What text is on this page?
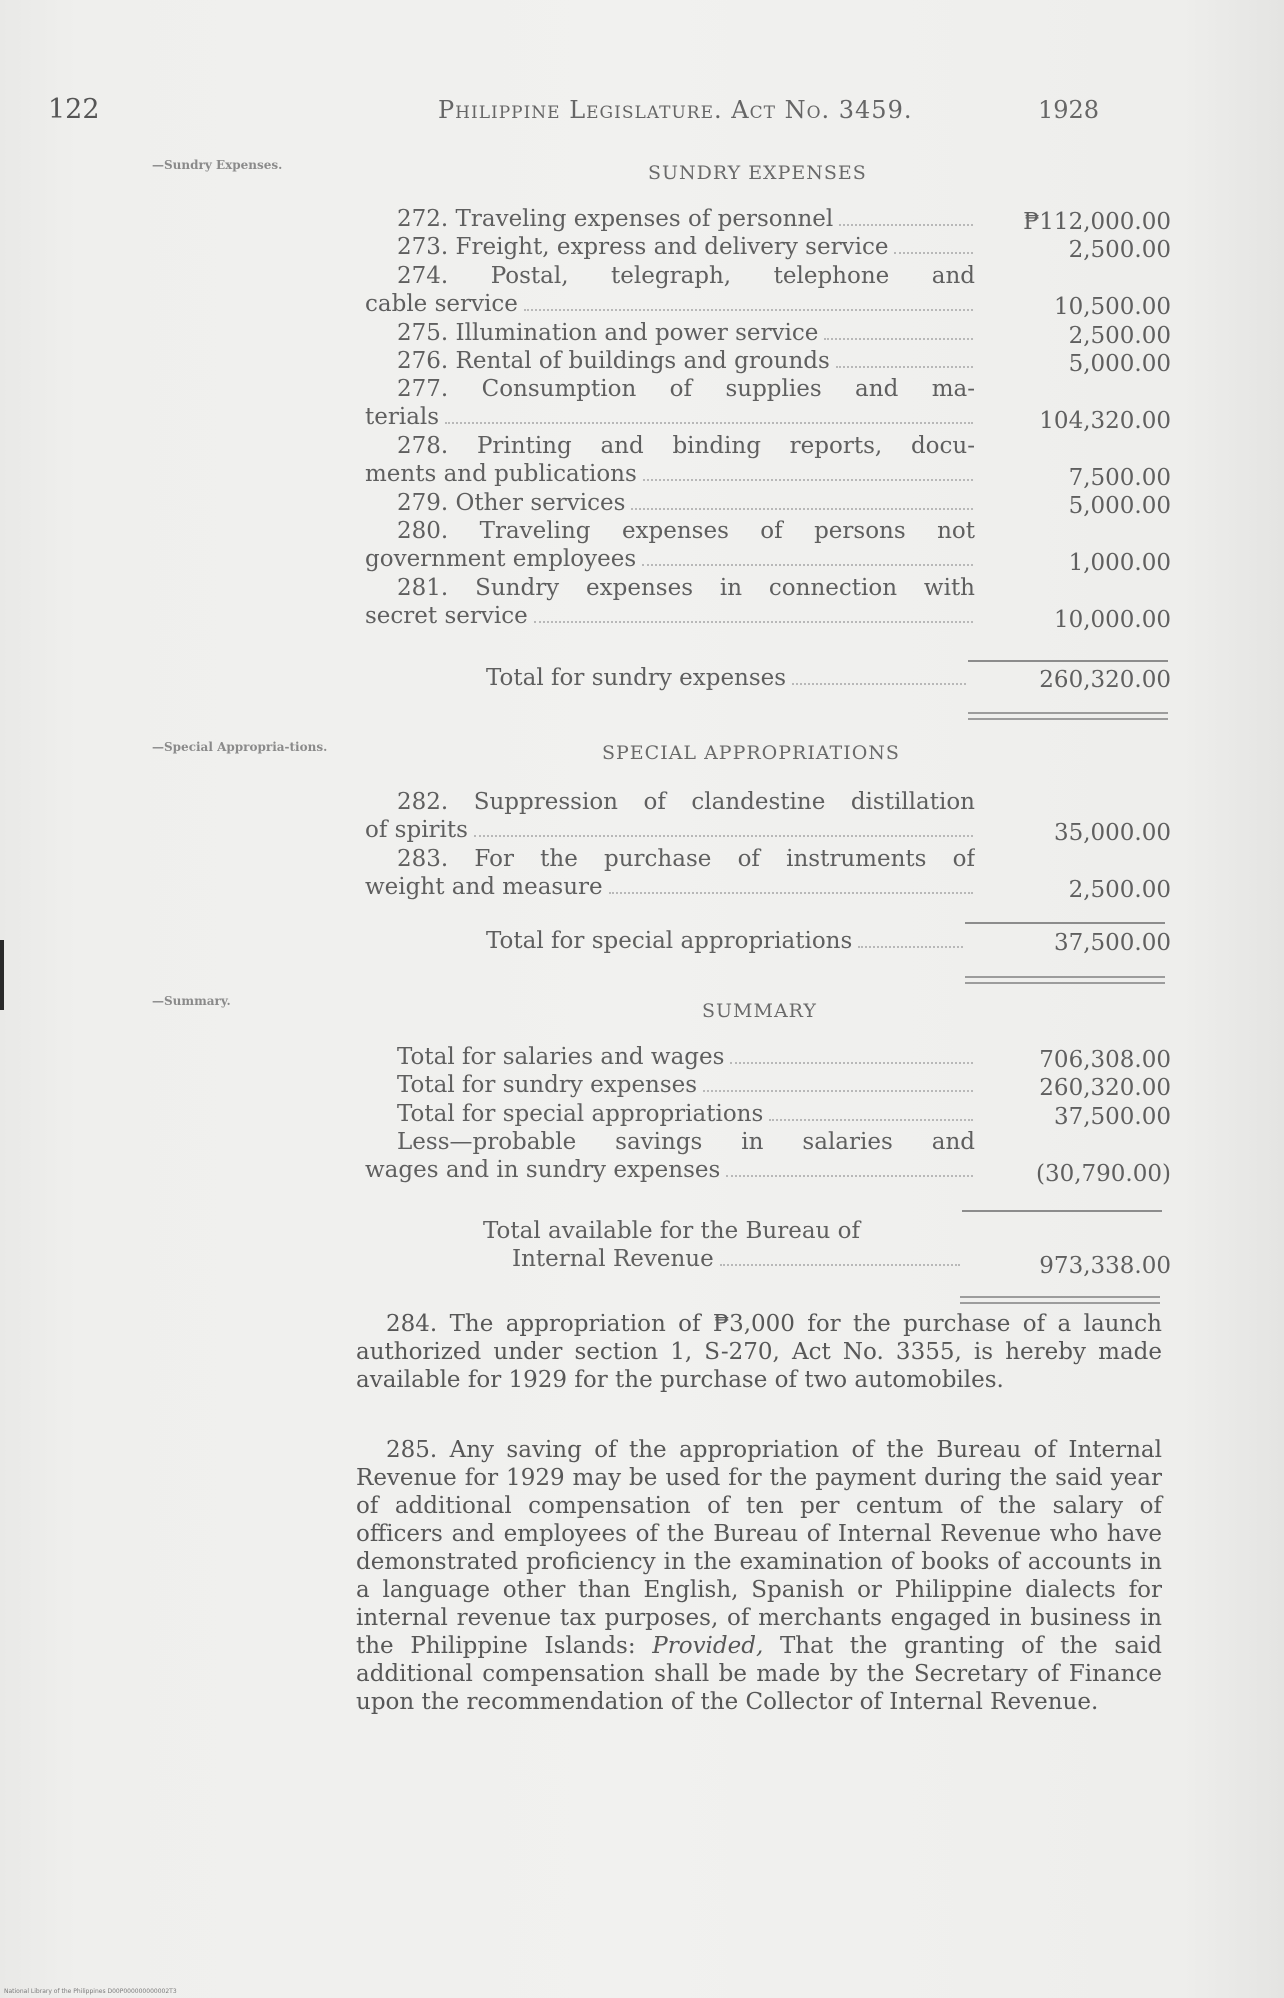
122	Philippine Legislature. Act No. 3459.	1928
—Sundry Expenses.	SUNDRY EXPENSES
272. Traveling expenses of personnel	₱112,000.00
273. Freight, express and delivery service	2,500.00
274. Postal, telegraph, telephone and
cable service	10,500.00
275. Illumination and power service	2,500.00
276. Rental of buildings and grounds	5,000.00
277. Consumption of supplies and ma-
terials	104,320.00
278. Printing and binding reports, docu-
ments and publications	7,500.00
279. Other services	5,000.00
280. Traveling expenses of persons not
government employees	1,000.00
281. Sundry expenses in connection with
secret service	10,000.00
Total for sundry expenses	260,320.00
—Special Appropria-tions.	SPECIAL APPROPRIATIONS
282. Suppression of clandestine distillation
of spirits	35,000.00
283. For the purchase of instruments of
weight and measure	2,500.00
Total for special appropriations	37,500.00
—Summary.	SUMMARY
Total for salaries and wages	706,308.00
Total for sundry expenses	260,320.00
Total for special appropriations	37,500.00
Less—probable savings in salaries and
wages and in sundry expenses	(30,790.00)
Total available for the Bureau of
Internal Revenue	973,338.00

284. The appropriation of ₱3,000 for the purchase of a launch authorized under section 1, S-270, Act No. 3355, is hereby made available for 1929 for the purchase of two automobiles.

285. Any saving of the appropriation of the Bureau of Internal Revenue for 1929 may be used for the payment during the said year of additional compensation of ten per centum of the salary of officers and employees of the Bureau of Internal Revenue who have demonstrated proficiency in the examination of books of accounts in a language other than English, Spanish or Philippine dialects for internal revenue tax purposes, of merchants engaged in business in the Philippine Islands: Provided, That the granting of the said additional compensation shall be made by the Secretary of Finance upon the recommendation of the Collector of Internal Revenue.

National Library of the Philippines D00P000000000002T3
